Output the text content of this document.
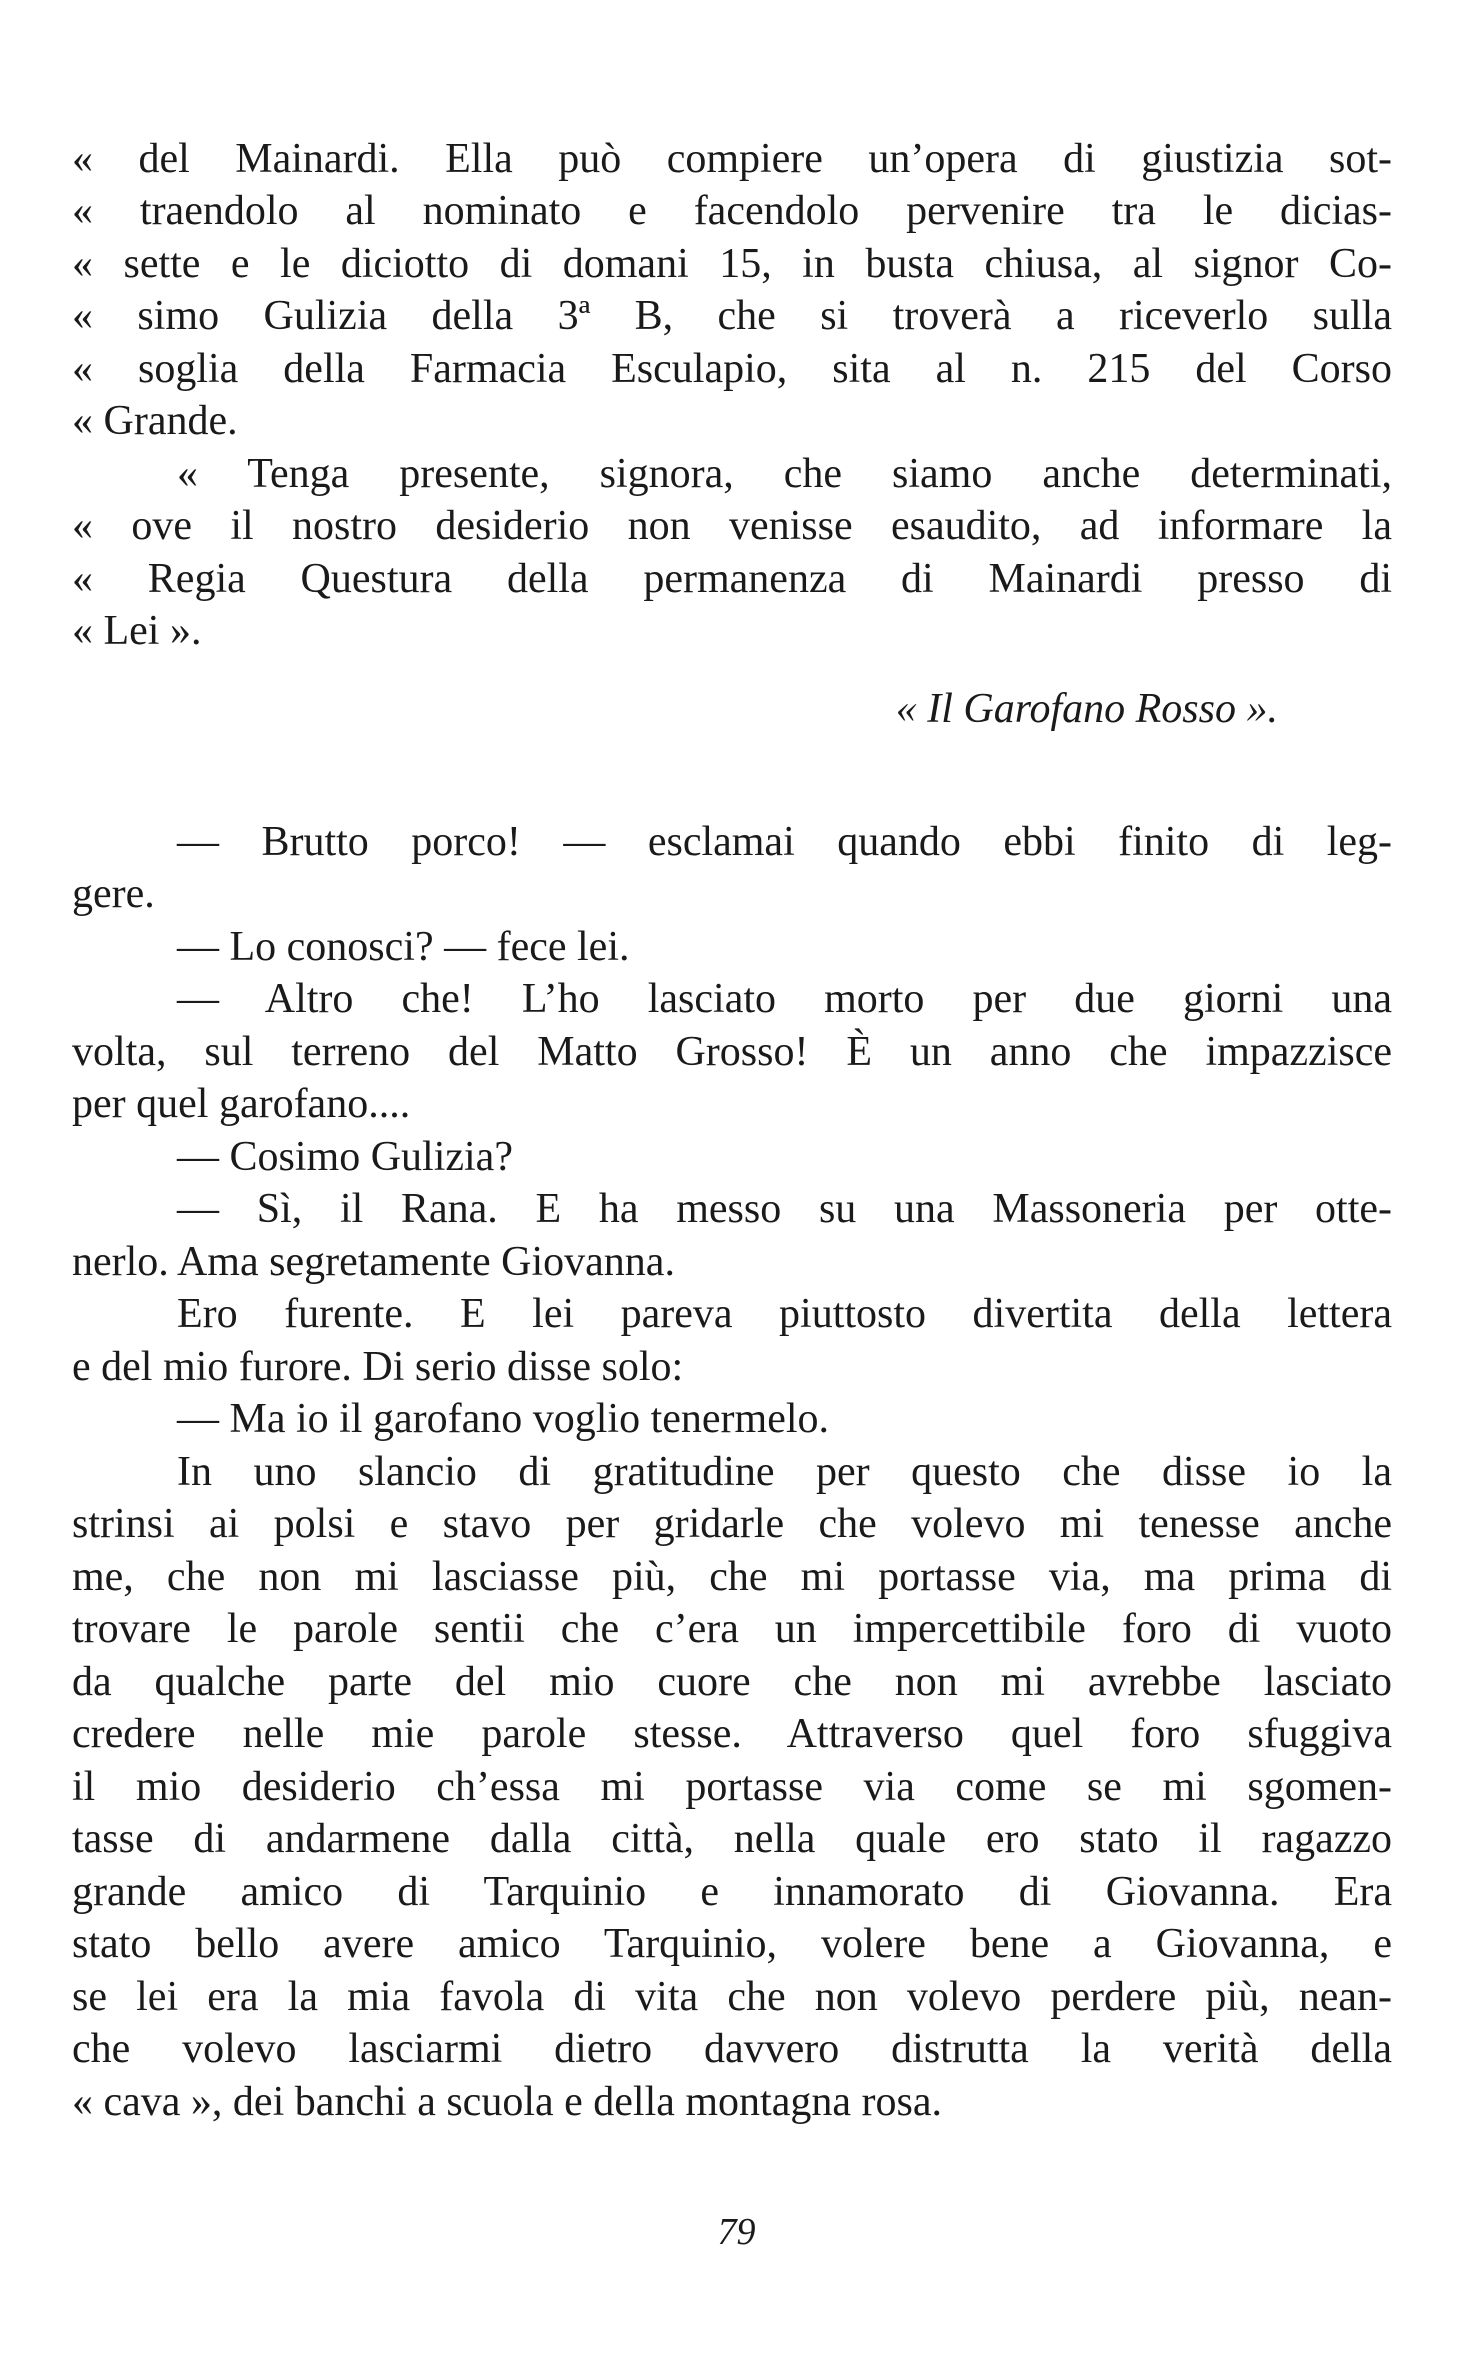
« del Mainardi. Ella può compiere un’opera di giustizia sot-
« traendolo al nominato e facendolo pervenire tra le dicias-
« sette e le diciotto di domani 15, in busta chiusa, al signor Co-
« simo Gulizia della 3ª B, che si troverà a riceverlo sulla
« soglia della Farmacia Esculapio, sita al n. 215 del Corso
« Grande.
« Tenga presente, signora, che siamo anche determinati,
« ove il nostro desiderio non venisse esaudito, ad informare la
« Regia Questura della permanenza di Mainardi presso di
« Lei ».
« Il Garofano Rosso ».
— Brutto porco! — esclamai quando ebbi finito di leg-
gere.
— Lo conosci? — fece lei.
— Altro che! L’ho lasciato morto per due giorni una
volta, sul terreno del Matto Grosso! È un anno che impazzisce
per quel garofano....
— Cosimo Gulizia?
— Sì, il Rana. E ha messo su una Massoneria per otte-
nerlo. Ama segretamente Giovanna.
Ero furente. E lei pareva piuttosto divertita della lettera
e del mio furore. Di serio disse solo:
— Ma io il garofano voglio tenermelo.
In uno slancio di gratitudine per questo che disse io la
strinsi ai polsi e stavo per gridarle che volevo mi tenesse anche
me, che non mi lasciasse più, che mi portasse via, ma prima di
trovare le parole sentii che c’era un impercettibile foro di vuoto
da qualche parte del mio cuore che non mi avrebbe lasciato
credere nelle mie parole stesse. Attraverso quel foro sfuggiva
il mio desiderio ch’essa mi portasse via come se mi sgomen-
tasse di andarmene dalla città, nella quale ero stato il ragazzo
grande amico di Tarquinio e innamorato di Giovanna. Era
stato bello avere amico Tarquinio, volere bene a Giovanna, e
se lei era la mia favola di vita che non volevo perdere più, nean-
che volevo lasciarmi dietro davvero distrutta la verità della
« cava », dei banchi a scuola e della montagna rosa.
79
